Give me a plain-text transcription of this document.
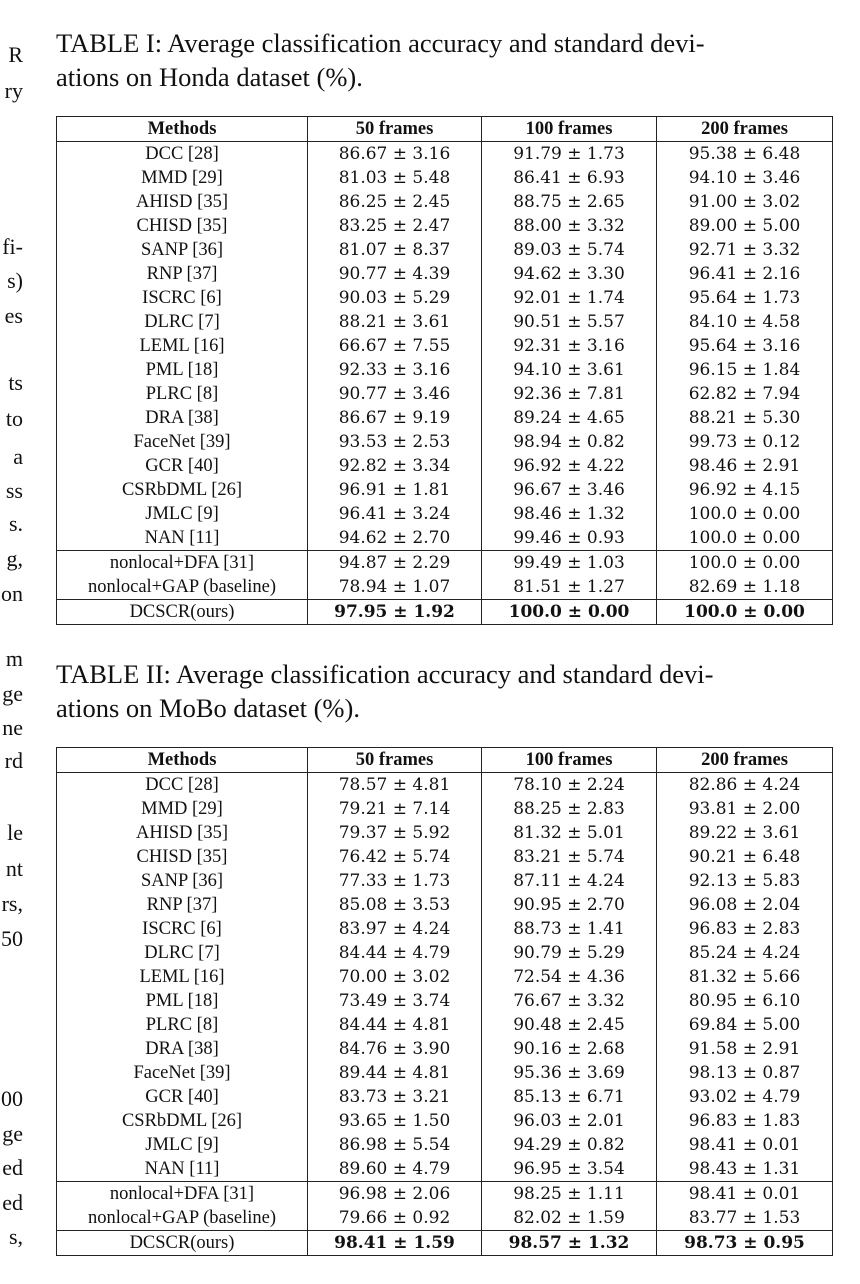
R
ry
fi-
s)
es
ts
to
a
ss
s.
g,
on
m
ge
ne
rd
le
nt
rs,
50
00
ge
ed
ed
s,

TABLE I: Average classification accuracy and standard devi-
ations on Honda dataset (%).

Methods	50 frames	100 frames	200 frames
DCC [28]	86.67 ± 3.16	91.79 ± 1.73	95.38 ± 6.48
MMD [29]	81.03 ± 5.48	86.41 ± 6.93	94.10 ± 3.46
AHISD [35]	86.25 ± 2.45	88.75 ± 2.65	91.00 ± 3.02
CHISD [35]	83.25 ± 2.47	88.00 ± 3.32	89.00 ± 5.00
SANP [36]	81.07 ± 8.37	89.03 ± 5.74	92.71 ± 3.32
RNP [37]	90.77 ± 4.39	94.62 ± 3.30	96.41 ± 2.16
ISCRC [6]	90.03 ± 5.29	92.01 ± 1.74	95.64 ± 1.73
DLRC [7]	88.21 ± 3.61	90.51 ± 5.57	84.10 ± 4.58
LEML [16]	66.67 ± 7.55	92.31 ± 3.16	95.64 ± 3.16
PML [18]	92.33 ± 3.16	94.10 ± 3.61	96.15 ± 1.84
PLRC [8]	90.77 ± 3.46	92.36 ± 7.81	62.82 ± 7.94
DRA [38]	86.67 ± 9.19	89.24 ± 4.65	88.21 ± 5.30
FaceNet [39]	93.53 ± 2.53	98.94 ± 0.82	99.73 ± 0.12
GCR [40]	92.82 ± 3.34	96.92 ± 4.22	98.46 ± 2.91
CSRbDML [26]	96.91 ± 1.81	96.67 ± 3.46	96.92 ± 4.15
JMLC [9]	96.41 ± 3.24	98.46 ± 1.32	100.0 ± 0.00
NAN [11]	94.62 ± 2.70	99.46 ± 0.93	100.0 ± 0.00
nonlocal+DFA [31]	94.87 ± 2.29	99.49 ± 1.03	100.0 ± 0.00
nonlocal+GAP (baseline)	78.94 ± 1.07	81.51 ± 1.27	82.69 ± 1.18
DCSCR(ours)	97.95 ± 1.92	100.0 ± 0.00	100.0 ± 0.00

TABLE II: Average classification accuracy and standard devi-
ations on MoBo dataset (%).

Methods	50 frames	100 frames	200 frames
DCC [28]	78.57 ± 4.81	78.10 ± 2.24	82.86 ± 4.24
MMD [29]	79.21 ± 7.14	88.25 ± 2.83	93.81 ± 2.00
AHISD [35]	79.37 ± 5.92	81.32 ± 5.01	89.22 ± 3.61
CHISD [35]	76.42 ± 5.74	83.21 ± 5.74	90.21 ± 6.48
SANP [36]	77.33 ± 1.73	87.11 ± 4.24	92.13 ± 5.83
RNP [37]	85.08 ± 3.53	90.95 ± 2.70	96.08 ± 2.04
ISCRC [6]	83.97 ± 4.24	88.73 ± 1.41	96.83 ± 2.83
DLRC [7]	84.44 ± 4.79	90.79 ± 5.29	85.24 ± 4.24
LEML [16]	70.00 ± 3.02	72.54 ± 4.36	81.32 ± 5.66
PML [18]	73.49 ± 3.74	76.67 ± 3.32	80.95 ± 6.10
PLRC [8]	84.44 ± 4.81	90.48 ± 2.45	69.84 ± 5.00
DRA [38]	84.76 ± 3.90	90.16 ± 2.68	91.58 ± 2.91
FaceNet [39]	89.44 ± 4.81	95.36 ± 3.69	98.13 ± 0.87
GCR [40]	83.73 ± 3.21	85.13 ± 6.71	93.02 ± 4.79
CSRbDML [26]	93.65 ± 1.50	96.03 ± 2.01	96.83 ± 1.83
JMLC [9]	86.98 ± 5.54	94.29 ± 0.82	98.41 ± 0.01
NAN [11]	89.60 ± 4.79	96.95 ± 3.54	98.43 ± 1.31
nonlocal+DFA [31]	96.98 ± 2.06	98.25 ± 1.11	98.41 ± 0.01
nonlocal+GAP (baseline)	79.66 ± 0.92	82.02 ± 1.59	83.77 ± 1.53
DCSCR(ours)	98.41 ± 1.59	98.57 ± 1.32	98.73 ± 0.95
